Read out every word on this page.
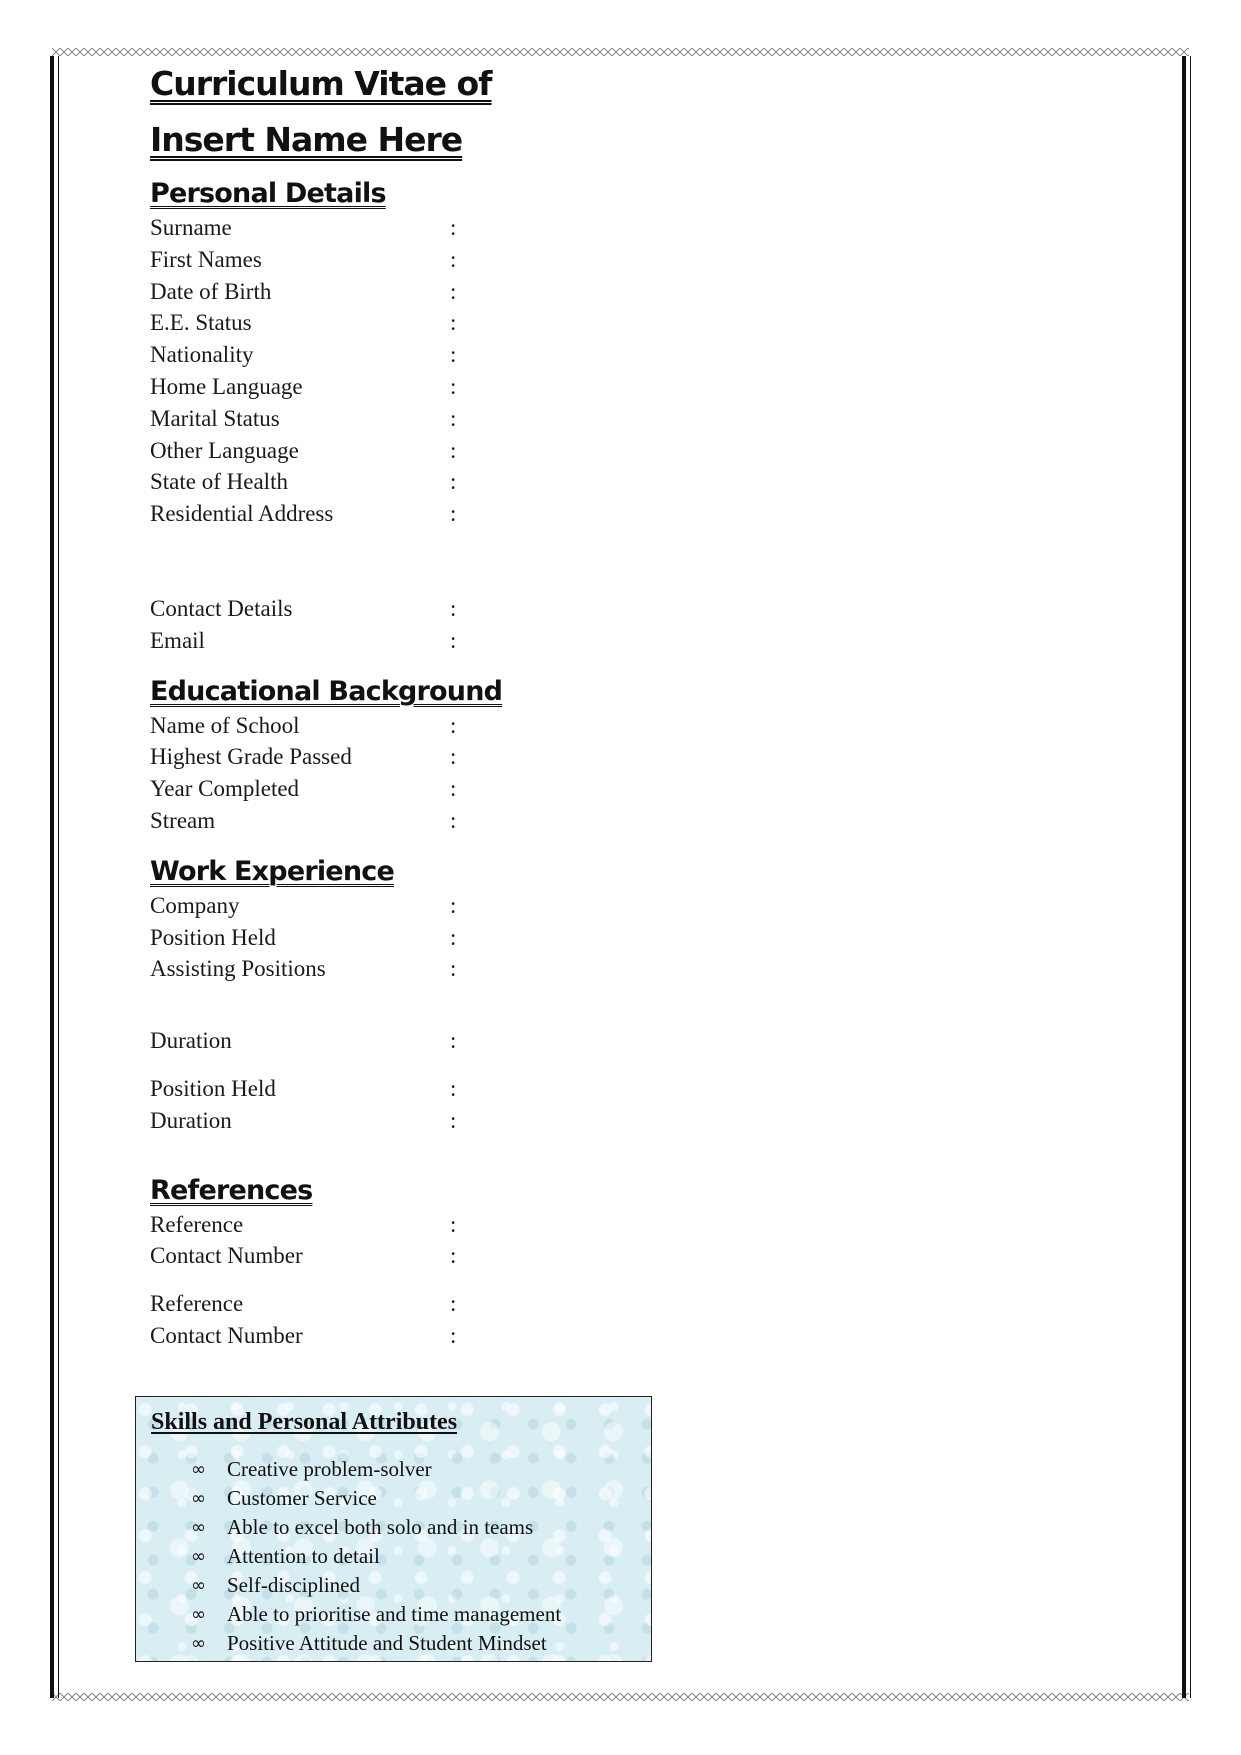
Curriculum Vitae of
Insert Name Here
Personal Details
Surname	:
First Names	:
Date of Birth	:
E.E. Status	:
Nationality	:
Home Language	:
Marital Status	:
Other Language	:
State of Health	:
Residential Address	:
Contact Details	:
Email	:
Educational Background
Name of School	:
Highest Grade Passed	:
Year Completed	:
Stream	:
Work Experience
Company	:
Position Held	:
Assisting Positions	:
Duration	:
Position Held	:
Duration	:
References
Reference	:
Contact Number	:
Reference	:
Contact Number	:
Skills and Personal Attributes
∞	Creative problem-solver
∞	Customer Service
∞	Able to excel both solo and in teams
∞	Attention to detail
∞	Self-disciplined
∞	Able to prioritise and time management
∞	Positive Attitude and Student Mindset
